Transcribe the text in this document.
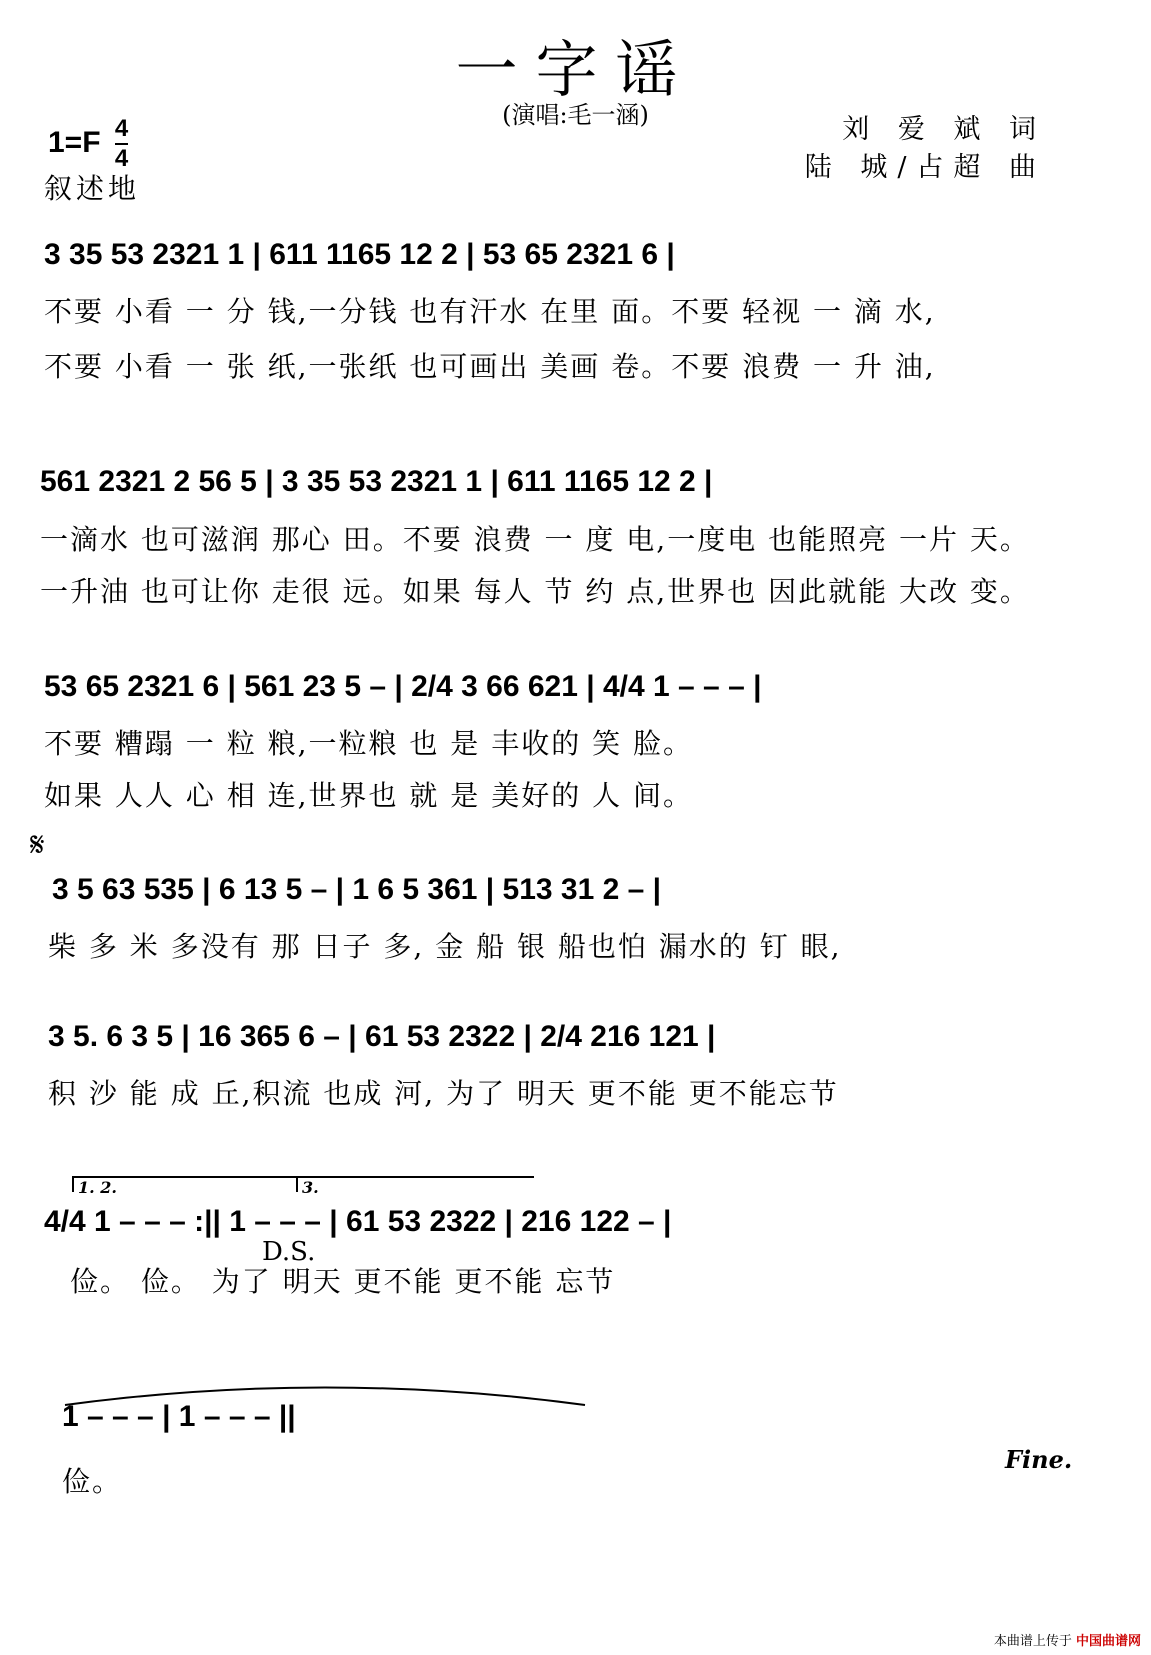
一字谣
(演唱:毛一涵)	刘 爱 斌 词
陆 城/占超 曲
$1=F \frac{4}{4}$
叙述地
3 35 53 2321 1 | 611 1165 12 2 | 53 65 2321 6 |
不要 小看 一 分 钱,一分钱 也有汗水 在里 面。不要 轻视 一 滴 水,
不要 小看 一 张 纸,一张纸 也可画出 美画 卷。不要 浪费 一 升 油,
561 2321 2 56 5 | 3 35 53 2321 1 | 611 1165 12 2 |
一滴水 也可滋润 那心 田。不要 浪费 一 度 电,一度电 也能照亮 一片 天。
一升油 也可让你 走很 远。如果 每人 节 约 点,世界也 因此就能 大改 变。
53 65 2321 6 | 561 23 5 – | 2/4 3 66 621 | 4/4 1 – – – |
不要 糟蹋 一 粒 粮,一粒粮 也 是 丰收的 笑 脸。
如果 人人 心 相 连,世界也 就 是 美好的 人 间。
𝄋
3 5 63 535 | 6 13 5 – | 1 6 5 361 | 513 31 2 – |
柴 多 米 多没有 那 日子 多, 金 船 银 船也怕 漏水的 钉 眼,
3 5. 6 3 5 | 16 365 6 – | 61 53 2322 | 2/4 216 121 |
积 沙 能 成 丘,积流 也成 河, 为了 明天 更不能 更不能忘节
1. 2.	3.
4/4 1 – – – :|| 1 – – – | 61 53 2322 | 216 122 – |
D.S.
俭。 俭。 为了 明天 更不能 更不能 忘节
1 – – – | 1 – – – ||
俭。
Fine.
本曲谱上传于 中国曲谱网
